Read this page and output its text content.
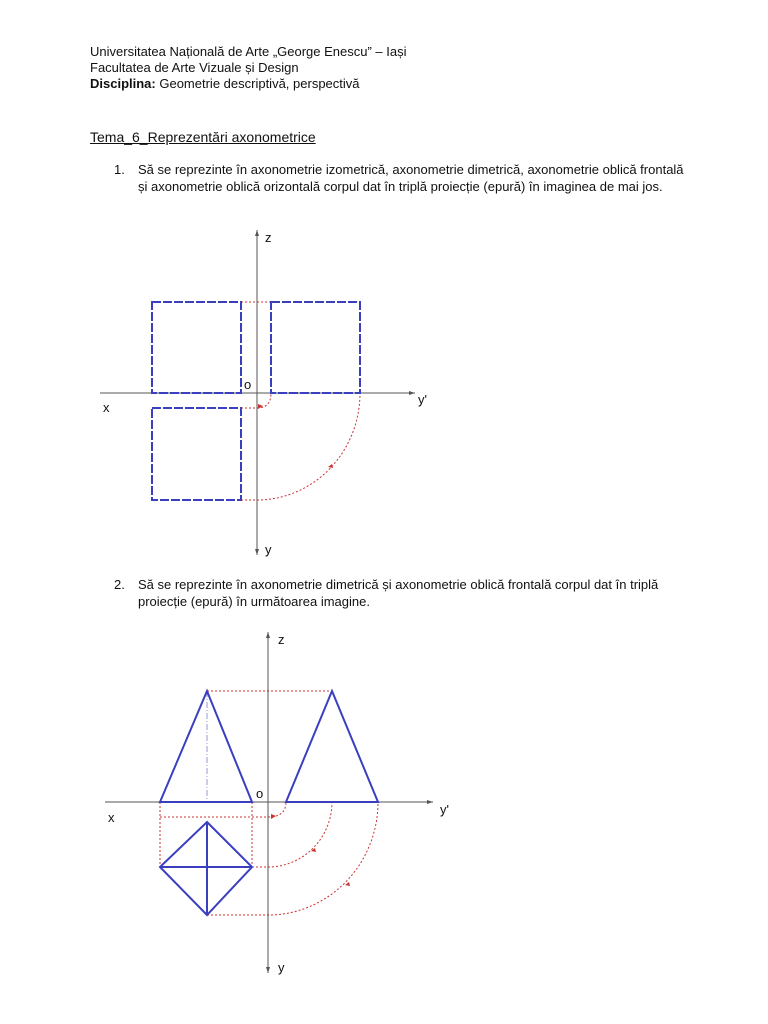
Universitatea Națională de Arte „George Enescu” – Iași
Facultatea de Arte Vizuale și Design
Disciplina: Geometrie descriptivă, perspectivă
Tema_6_Reprezentări axonometrice
1. Să se reprezinte în axonometrie izometrică, axonometrie dimetrică, axonometrie oblică frontală și axonometrie oblică orizontală corpul dat în triplă proiecție (epură) în imaginea de mai jos.
2. Să se reprezinte în axonometrie dimetrică și axonometrie oblică frontală corpul dat în triplă proiecție (epură) în următoarea imagine.
z
x
o
y'
y
z
x
o
y'
y
